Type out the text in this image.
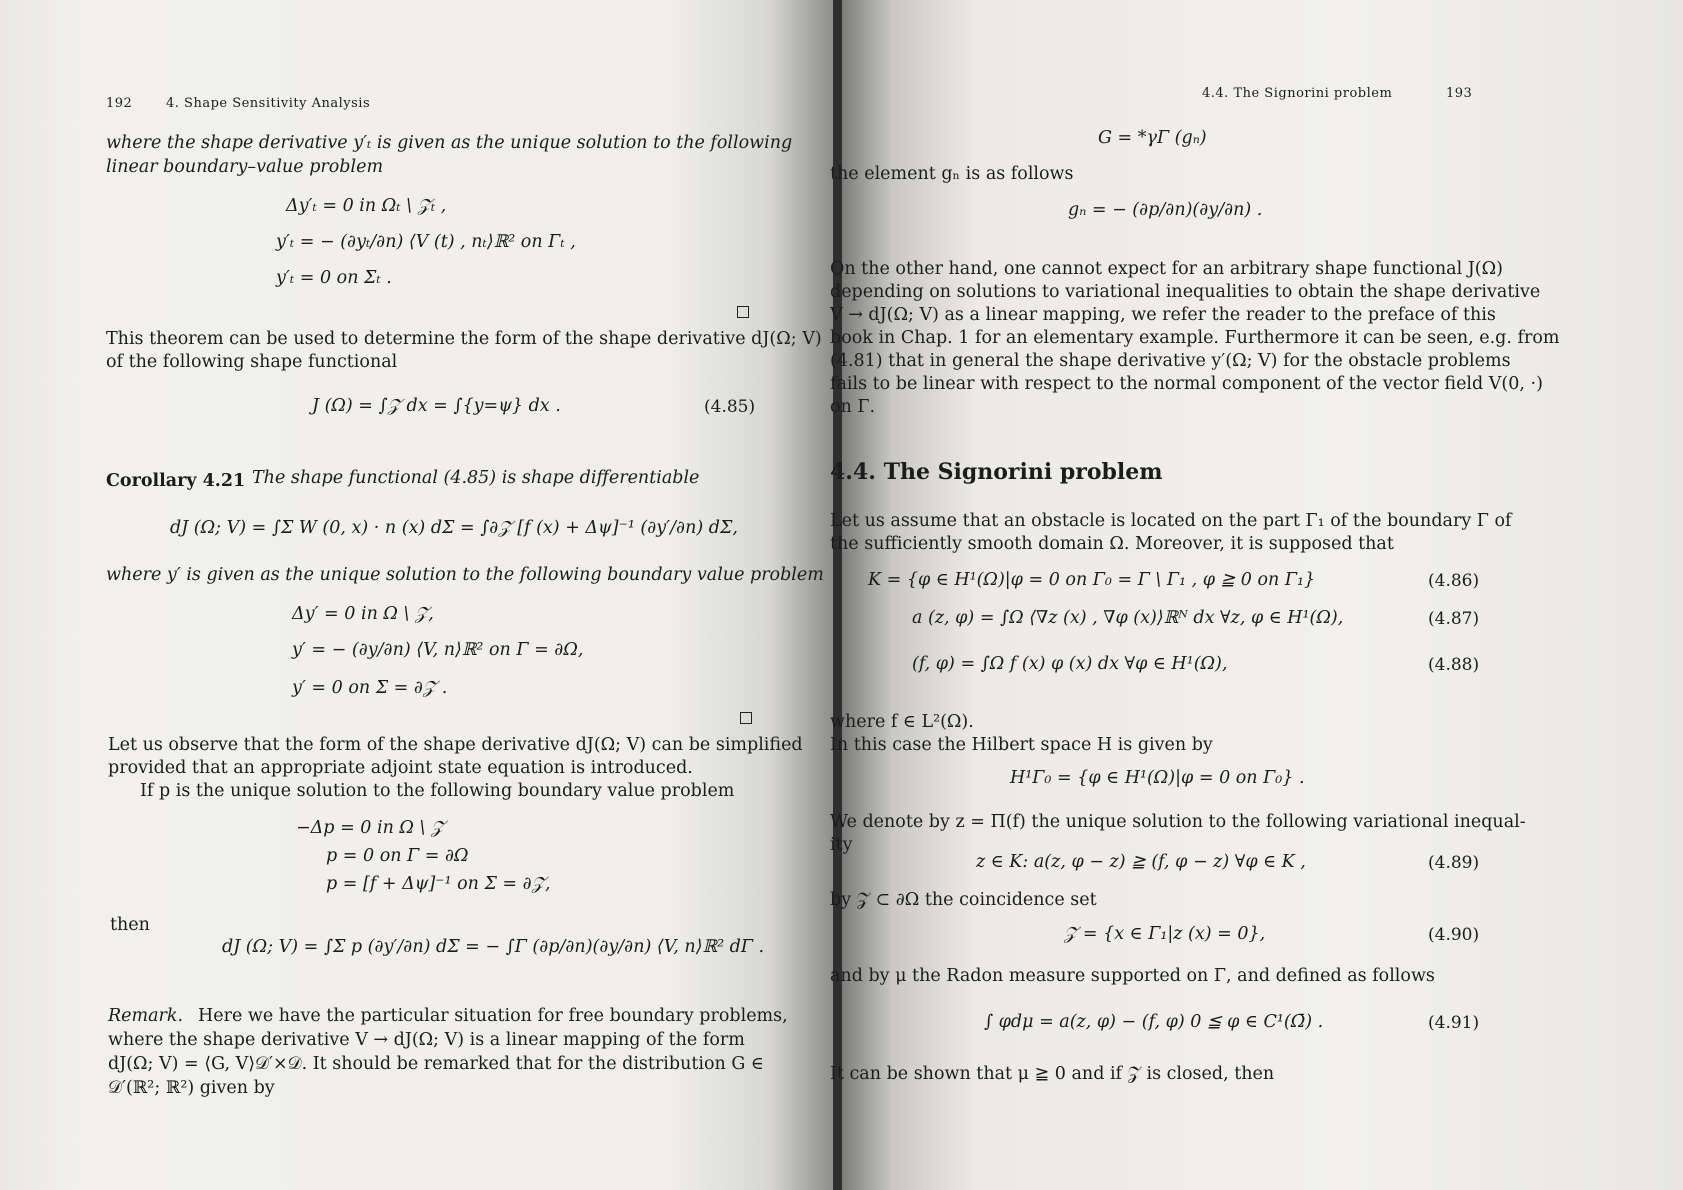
192	4. Shape Sensitivity Analysis
where the shape derivative y′ₜ is given as the unique solution to the following
linear boundary–value problem
Δy′ₜ = 0 in Ωₜ \ 𝒵ₜ ,
y′ₜ = − (∂yₜ/∂n) ⟨V (t) , nₜ⟩ℝ² on Γₜ ,
y′ₜ = 0 on Σₜ .
This theorem can be used to determine the form of the shape derivative dJ(Ω; V)
of the following shape functional
J (Ω) = ∫𝒵 dx = ∫{y=ψ} dx .	(4.85)
Corollary 4.21 The shape functional (4.85) is shape differentiable
dJ (Ω; V) = ∫Σ W (0, x) · n (x) dΣ = ∫∂𝒵 [f (x) + Δψ]⁻¹ (∂y′/∂n) dΣ,
where y′ is given as the unique solution to the following boundary value problem
Δy′ = 0 in Ω \ 𝒵,
y′ = − (∂y/∂n) ⟨V, n⟩ℝ² on Γ = ∂Ω,
y′ = 0 on Σ = ∂𝒵 .
Let us observe that the form of the shape derivative dJ(Ω; V) can be simplified
provided that an appropriate adjoint state equation is introduced.
If p is the unique solution to the following boundary value problem
−Δp = 0 in Ω \ 𝒵
p = 0 on Γ = ∂Ω
p = [f + Δψ]⁻¹ on Σ = ∂𝒵,
then
dJ (Ω; V) = ∫Σ p (∂y′/∂n) dΣ = − ∫Γ (∂p/∂n)(∂y/∂n) ⟨V, n⟩ℝ² dΓ .
Remark. Here we have the particular situation for free boundary problems,
where the shape derivative V → dJ(Ω; V) is a linear mapping of the form
dJ(Ω; V) = ⟨G, V⟩𝒟′×𝒟. It should be remarked that for the distribution G ∈
𝒟′(ℝ²; ℝ²) given by
4.4. The Signorini problem	193
G = *γΓ (gₙ)
the element gₙ is as follows
gₙ = − (∂p/∂n)(∂y/∂n) .
On the other hand, one cannot expect for an arbitrary shape functional J(Ω)
depending on solutions to variational inequalities to obtain the shape derivative
V → dJ(Ω; V) as a linear mapping, we refer the reader to the preface of this
book in Chap. 1 for an elementary example. Furthermore it can be seen, e.g. from
(4.81) that in general the shape derivative y′(Ω; V) for the obstacle problems
fails to be linear with respect to the normal component of the vector field V(0, ·)
on Γ.
4.4. The Signorini problem
Let us assume that an obstacle is located on the part Γ₁ of the boundary Γ of
the sufficiently smooth domain Ω. Moreover, it is supposed that
K = {φ ∈ H¹(Ω)|φ = 0 on Γ₀ = Γ \ Γ₁ , φ ≧ 0 on Γ₁}	(4.86)
a (z, φ) = ∫Ω ⟨∇z (x) , ∇φ (x)⟩ℝᴺ dx ∀z, φ ∈ H¹(Ω),	(4.87)
(f, φ) = ∫Ω f (x) φ (x) dx ∀φ ∈ H¹(Ω),	(4.88)
where f ∈ L²(Ω).
In this case the Hilbert space H is given by
H¹Γ₀ = {φ ∈ H¹(Ω)|φ = 0 on Γ₀} .
We denote by z = Π(f) the unique solution to the following variational inequal-
ity
z ∈ K: a(z, φ − z) ≧ (f, φ − z) ∀φ ∈ K ,	(4.89)
by 𝒵 ⊂ ∂Ω the coincidence set
𝒵 = {x ∈ Γ₁|z (x) = 0},	(4.90)
and by μ the Radon measure supported on Γ, and defined as follows
∫ φdμ = a(z, φ) − (f, φ) 0 ≦ φ ∈ C¹(Ω̄) .	(4.91)
It can be shown that μ ≧ 0 and if 𝒵 is closed, then
